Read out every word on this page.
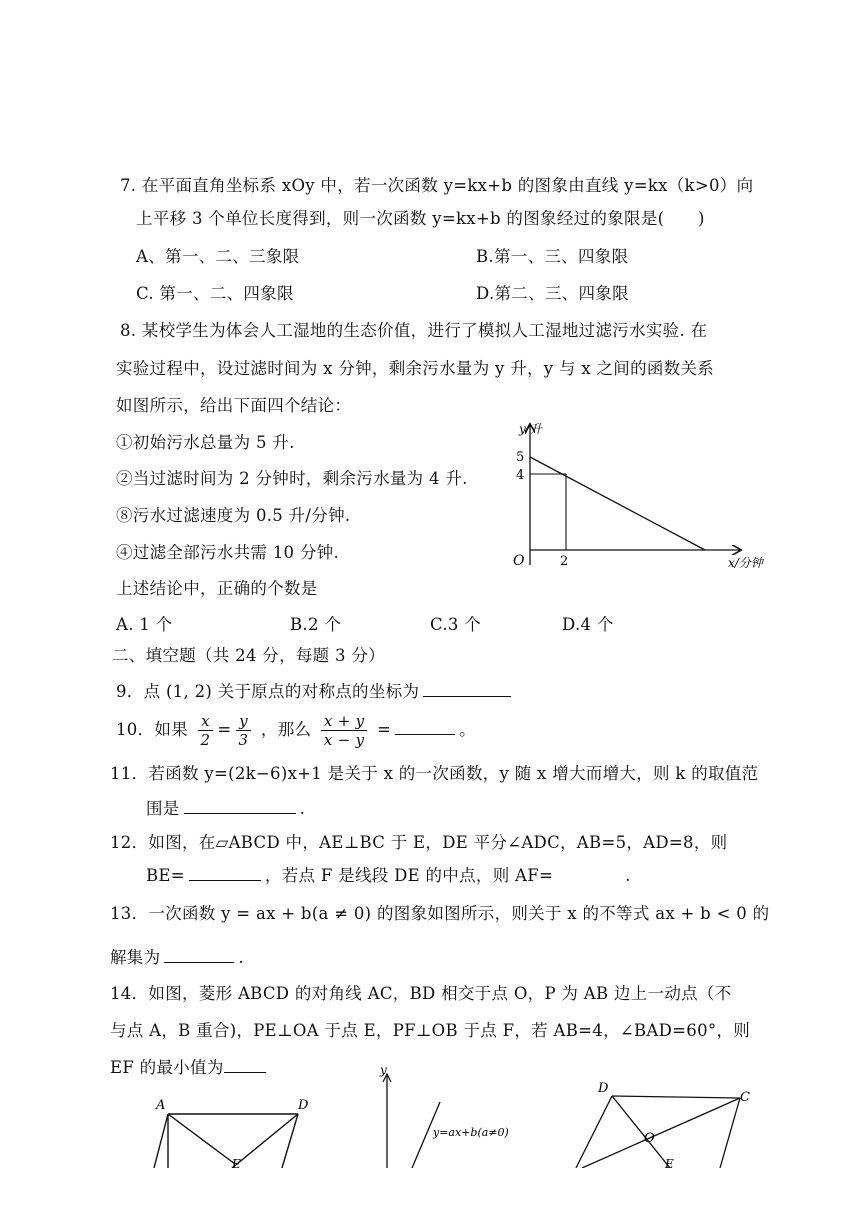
7. 在平面直角坐标系 xOy 中，若一次函数 y=kx+b 的图象由直线 y=kx（k>0）向
上平移 3 个单位长度得到，则一次函数 y=kx+b 的图象经过的象限是(　　)
A、第一、二、三象限	B.第一、三、四象限
C. 第一、二、四象限	D.第二、三、四象限
8. 某校学生为体会人工湿地的生态价值，进行了模拟人工湿地过滤污水实验. 在
实验过程中，设过滤时间为 x 分钟，剩余污水量为 y 升，y 与 x 之间的函数关系
如图所示，给出下面四个结论：
①初始污水总量为 5 升.
②当过滤时间为 2 分钟时，剩余污水量为 4 升.
⑧污水过滤速度为 0.5 升/分钟.
④过滤全部污水共需 10 分钟.
上述结论中，正确的个数是
A. 1 个	B.2 个	C.3 个	D.4 个
y/升
x/分钟
O
5
4
2
二、填空题（共 24 分，每题 3 分）
9．点 (1, 2) 关于原点的对称点的坐标为
10．如果 $\frac{x}{2} = \frac{y}{3}$ ，那么 $\frac{x + y}{x - y}$ =	。
11．若函数 y=(2k−6)x+1 是关于 x 的一次函数，y 随 x 增大而增大，则 k 的取值范
围是	.
12．如图，在▱ABCD 中，AE⊥BC 于 E，DE 平分∠ADC，AB=5，AD=8，则
BE=	，若点 F 是线段 DE 的中点，则 AF=	.
13．一次函数 y = ax + b(a ≠ 0) 的图象如图所示，则关于 x 的不等式 ax + b < 0 的
解集为	.
14．如图，菱形 ABCD 的对角线 AC，BD 相交于点 O，P 为 AB 边上一动点（不
与点 A，B 重合)，PE⊥OA 于点 E，PF⊥OB 于点 F，若 AB=4，∠BAD=60°，则
EF 的最小值为
A	D
E
y
y=ax+b(a≠0)
D
C
O
E
